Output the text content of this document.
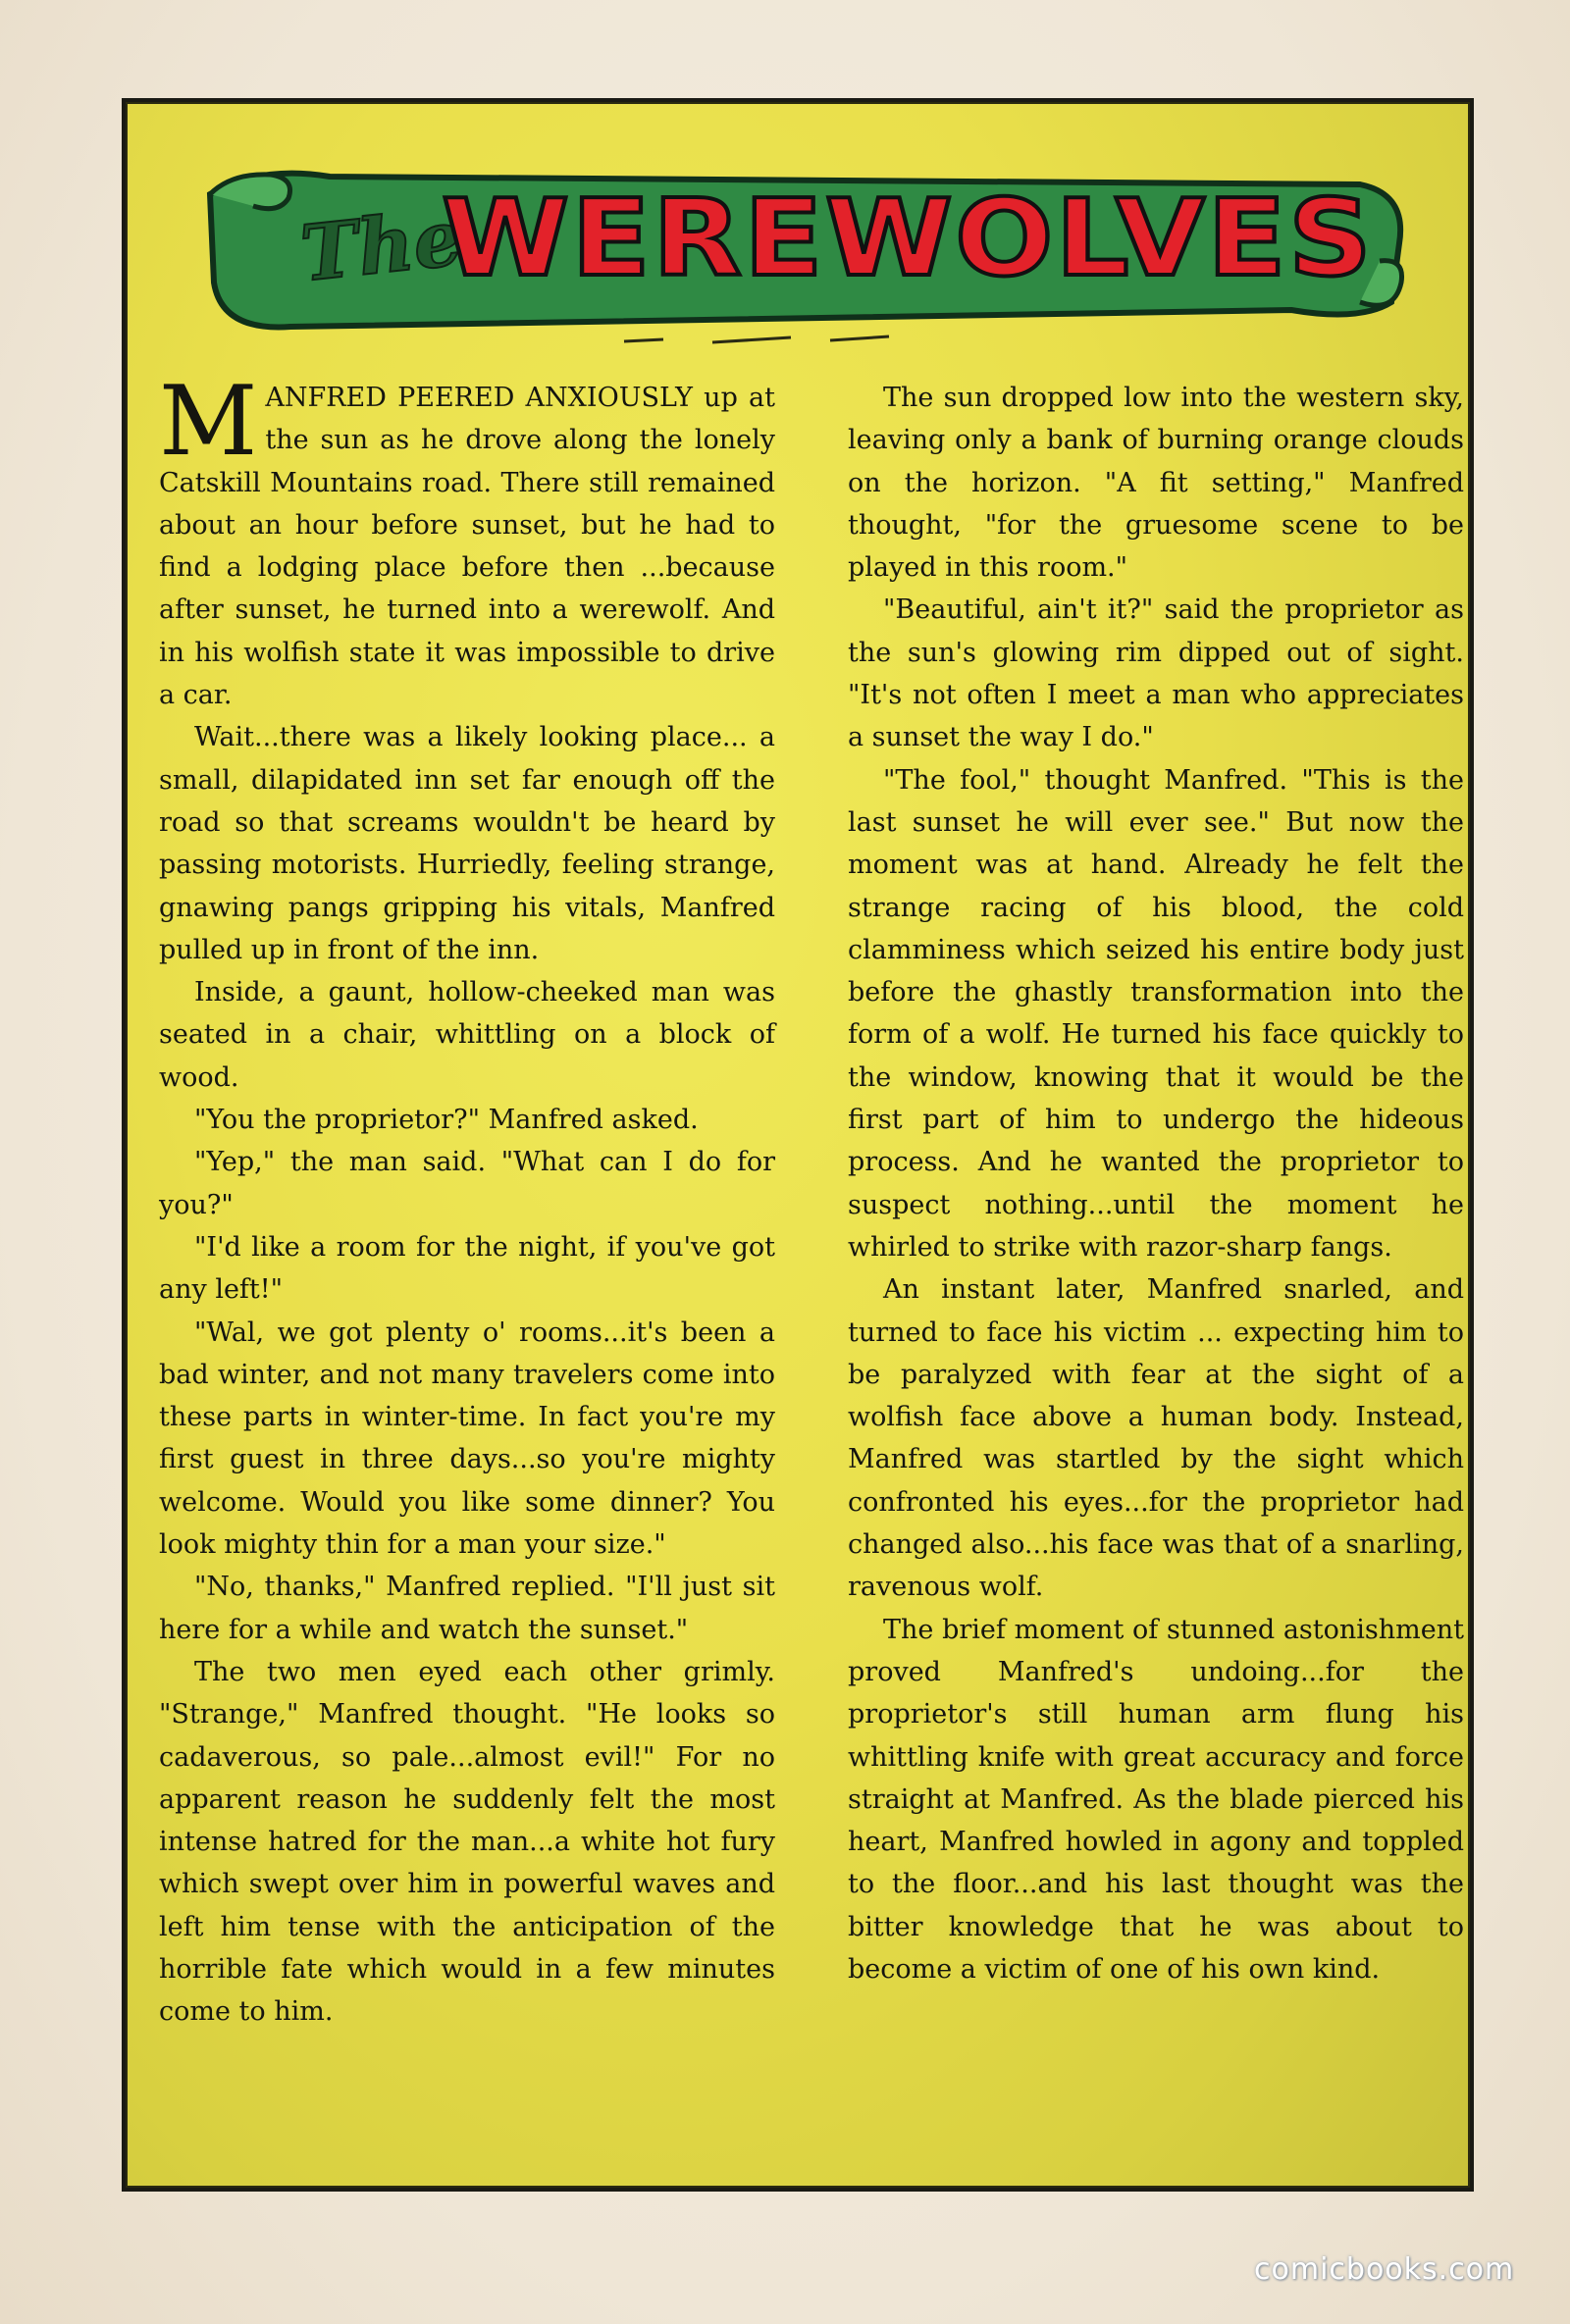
The
WEREWOLVES

MANFRED PEERED ANXIOUSLY up at the sun as he drove along the lonely Catskill Mountains road. There still remained about an hour before sunset, but he had to find a lodging place before then ...because after sunset, he turned into a werewolf. And in his wolfish state it was impossible to drive a car.

Wait...there was a likely looking place... a small, dilapidated inn set far enough off the road so that screams wouldn't be heard by passing motorists. Hurriedly, feeling strange, gnawing pangs gripping his vitals, Manfred pulled up in front of the inn.

Inside, a gaunt, hollow-cheeked man was seated in a chair, whittling on a block of wood.

"You the proprietor?" Manfred asked.

"Yep," the man said. "What can I do for you?"

"I'd like a room for the night, if you've got any left!"

"Wal, we got plenty o' rooms...it's been a bad winter, and not many travelers come into these parts in winter-time. In fact you're my first guest in three days...so you're mighty welcome. Would you like some dinner? You look mighty thin for a man your size."

"No, thanks," Manfred replied. "I'll just sit here for a while and watch the sunset."

The two men eyed each other grimly. "Strange," Manfred thought. "He looks so cadaverous, so pale...almost evil!" For no apparent reason he suddenly felt the most intense hatred for the man...a white hot fury which swept over him in powerful waves and left him tense with the anticipation of the horrible fate which would in a few minutes come to him.

The sun dropped low into the western sky, leaving only a bank of burning orange clouds on the horizon. "A fit setting," Manfred thought, "for the gruesome scene to be played in this room."

"Beautiful, ain't it?" said the proprietor as the sun's glowing rim dipped out of sight. "It's not often I meet a man who appreciates a sunset the way I do."

"The fool," thought Manfred. "This is the last sunset he will ever see." But now the moment was at hand. Already he felt the strange racing of his blood, the cold clamminess which seized his entire body just before the ghastly transformation into the form of a wolf. He turned his face quickly to the window, knowing that it would be the first part of him to undergo the hideous process. And he wanted the proprietor to suspect nothing...until the moment he whirled to strike with razor-sharp fangs.

An instant later, Manfred snarled, and turned to face his victim ... expecting him to be paralyzed with fear at the sight of a wolfish face above a human body. Instead, Manfred was startled by the sight which confronted his eyes...for the proprietor had changed also...his face was that of a snarling, ravenous wolf.

The brief moment of stunned astonishment proved Manfred's undoing...for the proprietor's still human arm flung his whittling knife with great accuracy and force straight at Manfred. As the blade pierced his heart, Manfred howled in agony and toppled to the floor...and his last thought was the bitter knowledge that he was about to become a victim of one of his own kind.

comicbooks.com
